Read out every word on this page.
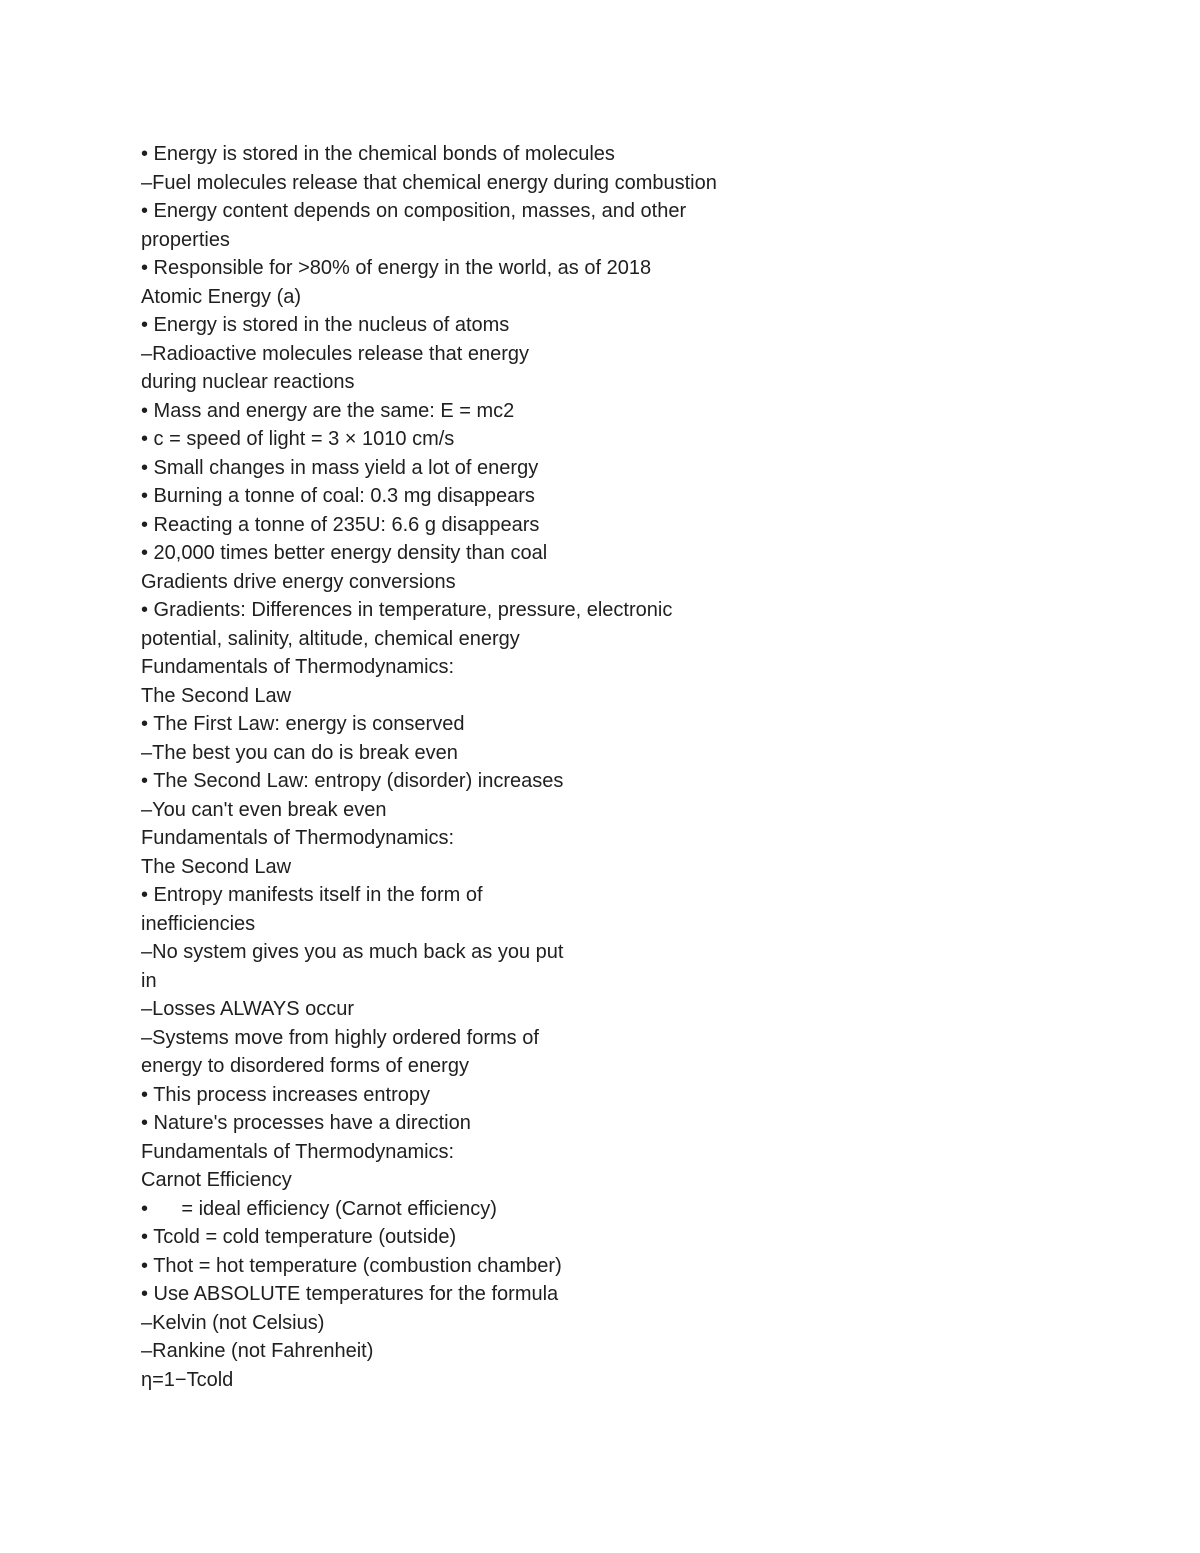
• Energy is stored in the chemical bonds of molecules

–Fuel molecules release that chemical energy during combustion

• Energy content depends on composition, masses, and other

properties

• Responsible for >80% of energy in the world, as of 2018

Atomic Energy (a)

• Energy is stored in the nucleus of atoms

–Radioactive molecules release that energy

during nuclear reactions

• Mass and energy are the same: E = mc2

• c = speed of light = 3 × 1010 cm/s

• Small changes in mass yield a lot of energy

• Burning a tonne of coal: 0.3 mg disappears

• Reacting a tonne of 235U: 6.6 g disappears

• 20,000 times better energy density than coal

Gradients drive energy conversions

• Gradients: Differences in temperature, pressure, electronic

potential, salinity, altitude, chemical energy

Fundamentals of Thermodynamics:

The Second Law

• The First Law: energy is conserved

–The best you can do is break even

• The Second Law: entropy (disorder) increases

–You can't even break even

Fundamentals of Thermodynamics:

The Second Law

• Entropy manifests itself in the form of

inefficiencies

–No system gives you as much back as you put

in

–Losses ALWAYS occur

–Systems move from highly ordered forms of

energy to disordered forms of energy

• This process increases entropy

• Nature's processes have a direction

Fundamentals of Thermodynamics:

Carnot Efficiency

•      = ideal efficiency (Carnot efficiency)

• Tcold = cold temperature (outside)

• Thot = hot temperature (combustion chamber)

• Use ABSOLUTE temperatures for the formula

–Kelvin (not Celsius)

–Rankine (not Fahrenheit)

η=1−Tcold
